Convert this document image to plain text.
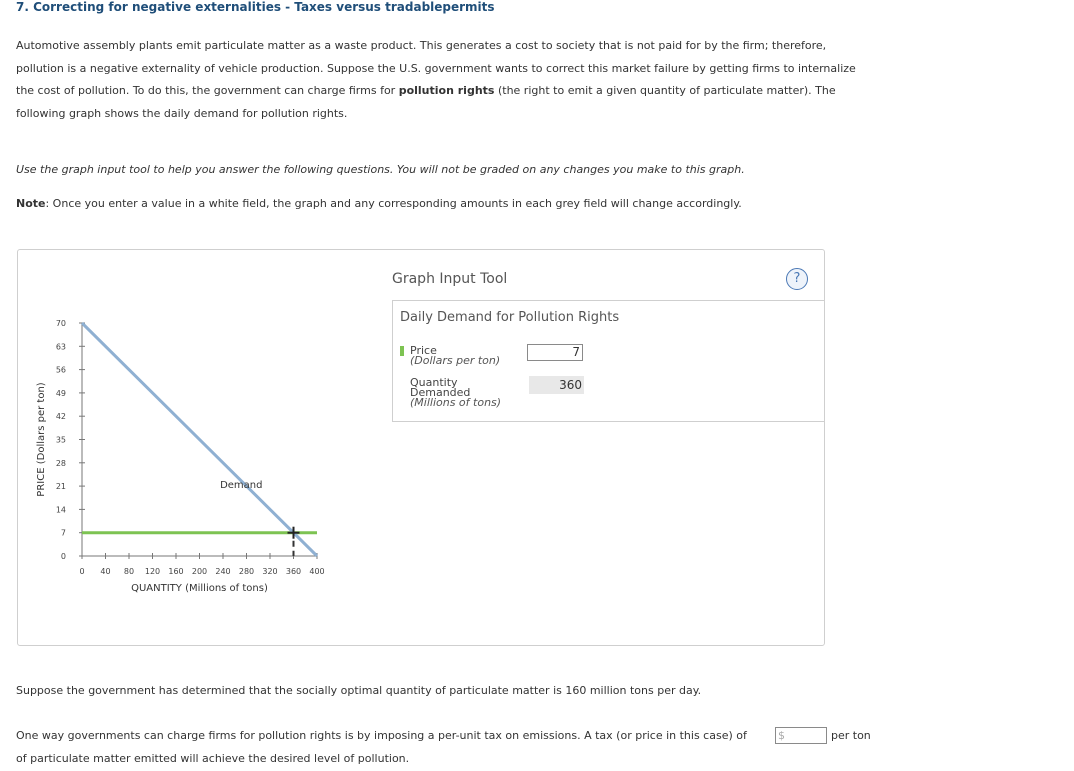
7. Correcting for negative externalities - Taxes versus tradablepermits
Automotive assembly plants emit particulate matter as a waste product. This generates a cost to society that is not paid for by the firm; therefore, pollution is a negative externality of vehicle production. Suppose the U.S. government wants to correct this market failure by getting firms to internalize the cost of pollution. To do this, the government can charge firms for pollution rights (the right to emit a given quantity of particulate matter). The following graph shows the daily demand for pollution rights.
Use the graph input tool to help you answer the following questions. You will not be graded on any changes you make to this graph.
Note: Once you enter a value in a white field, the graph and any corresponding amounts in each grey field will change accordingly.
0
7
14
21
28
35
42
49
56
63
70
0 40 80 120 160 200 240 280 320 360 400
QUANTITY (Millions of tons)
PRICE (Dollars per ton)	Demand
Graph Input Tool	?
Daily Demand for Pollution Rights
Price
(Dollars per ton)
7
Quantity
Demanded
(Millions of tons)
360
Suppose the government has determined that the socially optimal quantity of particulate matter is 160 million tons per day.
One way governments can charge firms for pollution rights is by imposing a per-unit tax on emissions. A tax (or price in this case) of
of particulate matter emitted will achieve the desired level of pollution.
$	per ton
